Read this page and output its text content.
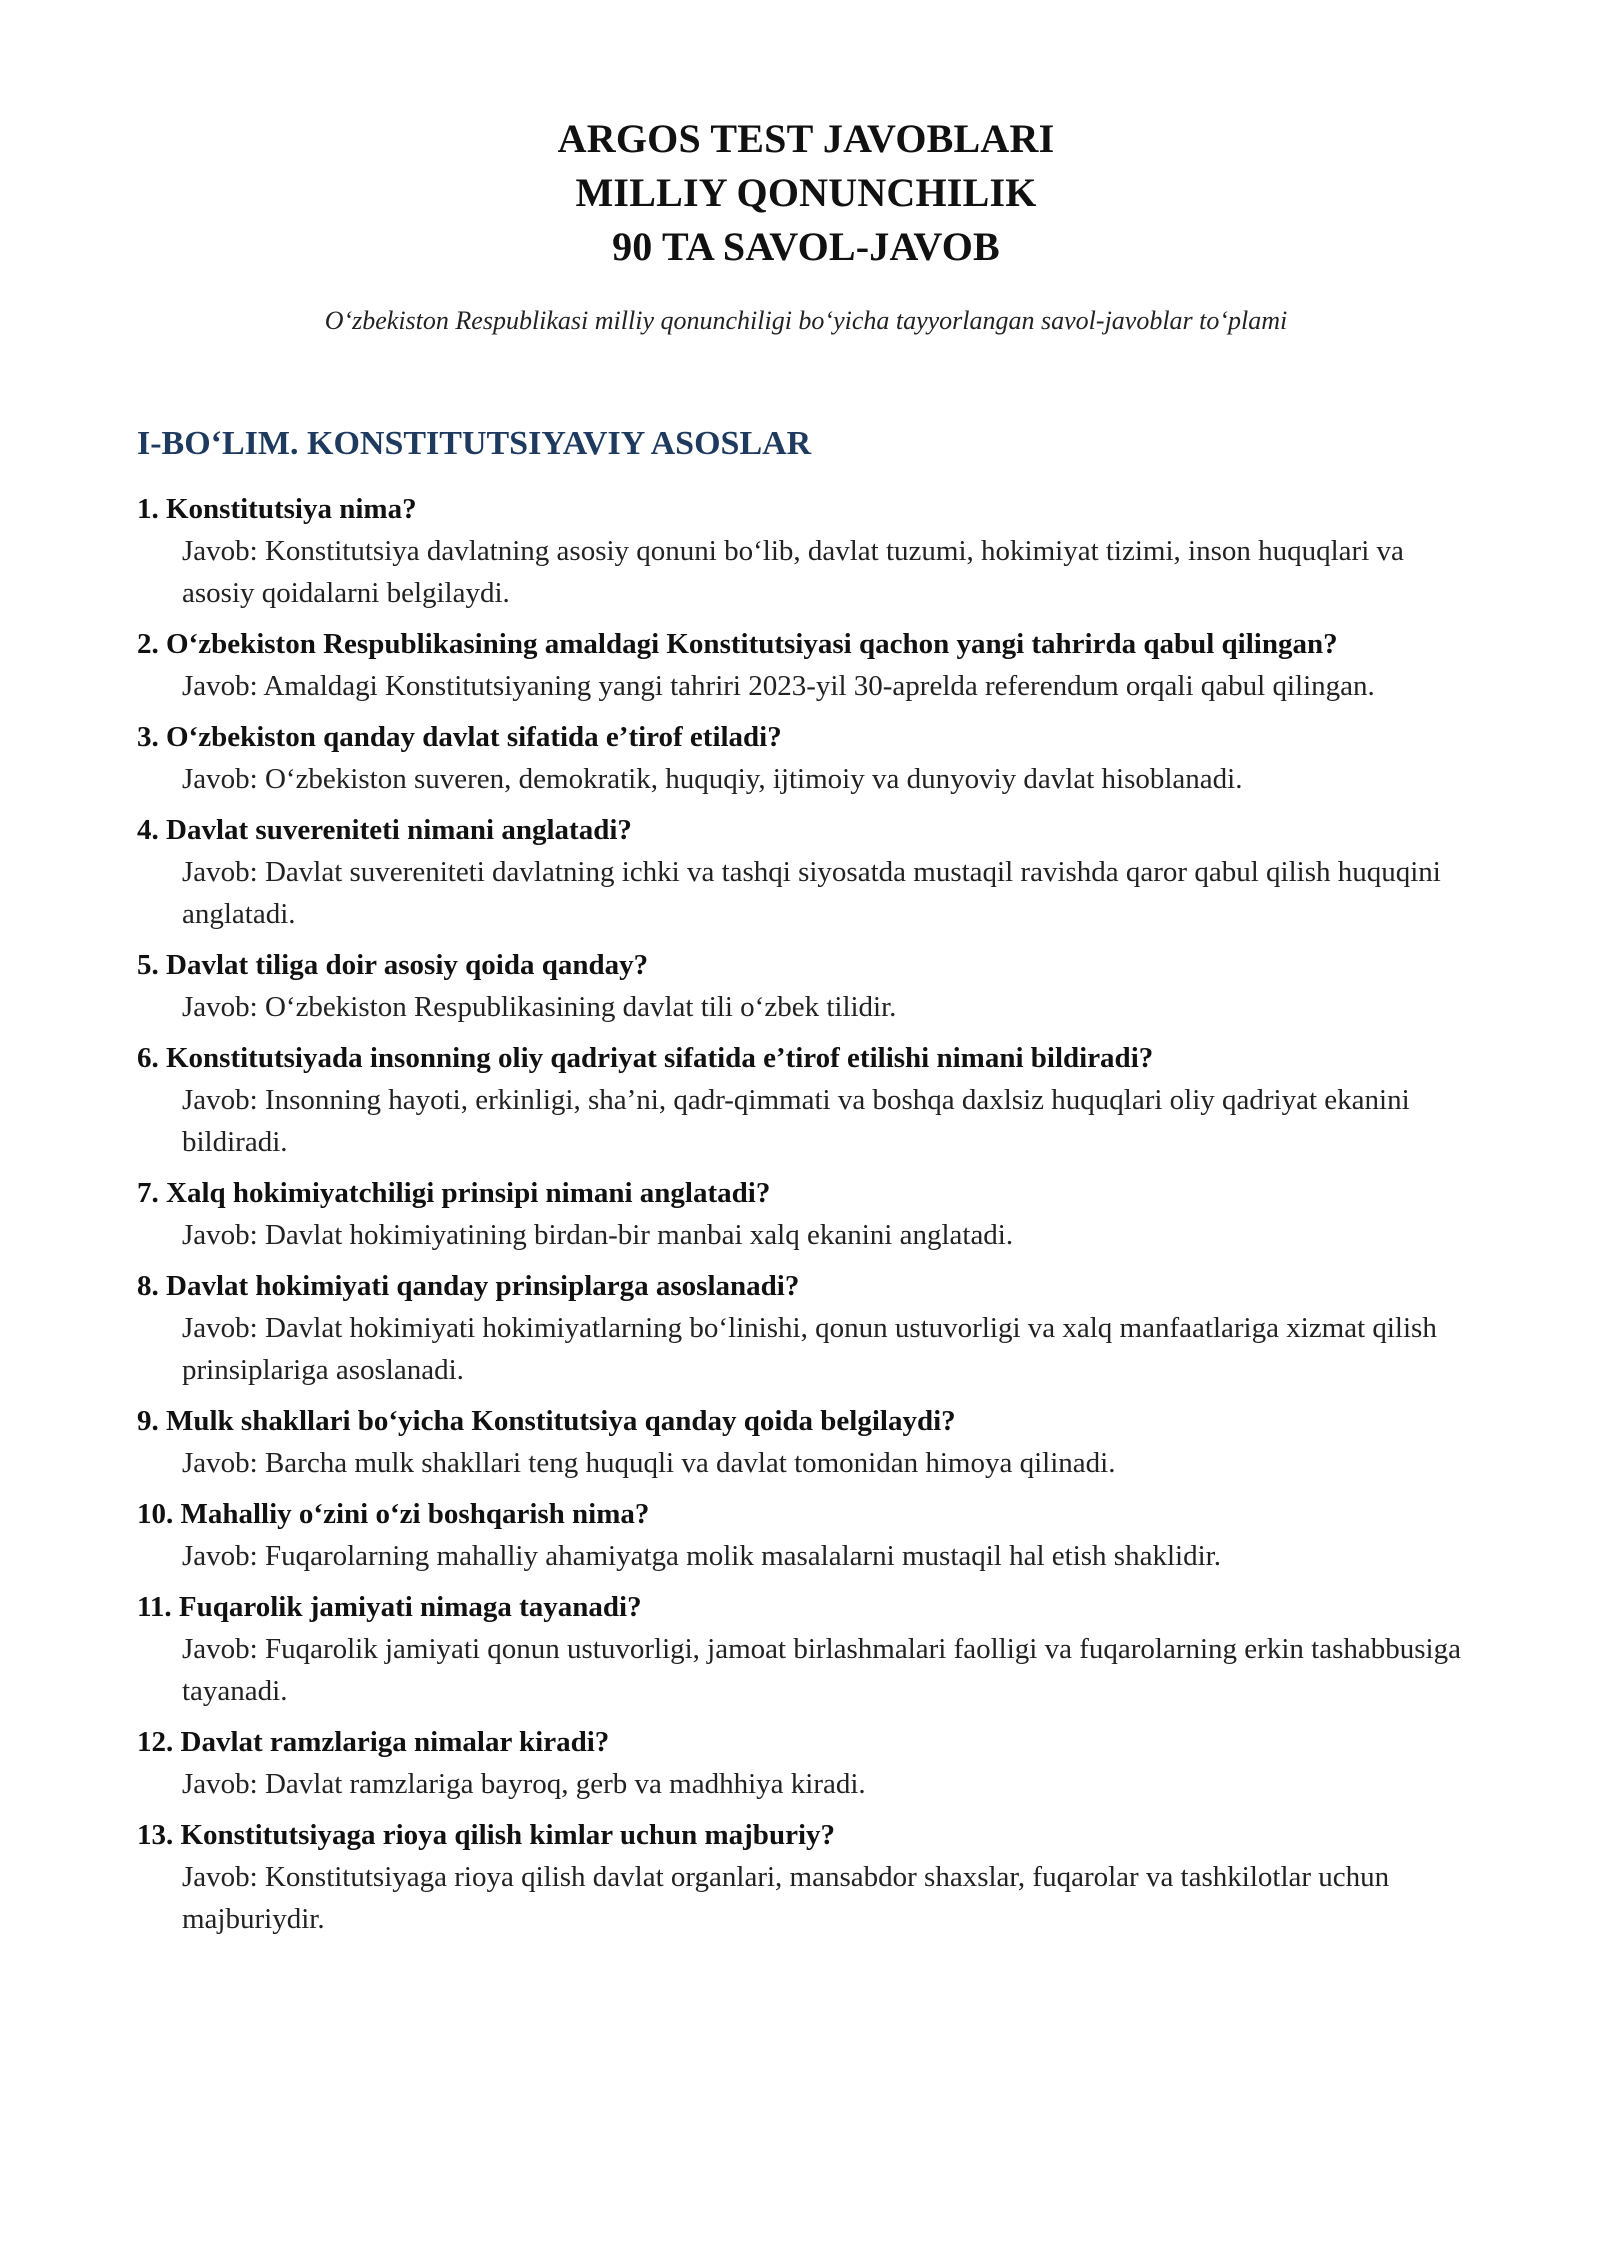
ARGOS TEST JAVOBLARI
MILLIY QONUNCHILIK
90 TA SAVOL-JAVOB
O‘zbekiston Respublikasi milliy qonunchiligi bo‘yicha tayyorlangan savol-javoblar to‘plami
I-BO‘LIM. KONSTITUTSIYAVIY ASOSLAR
1. Konstitutsiya nima?
Javob: Konstitutsiya davlatning asosiy qonuni bo‘lib, davlat tuzumi, hokimiyat tizimi, inson huquqlari va asosiy qoidalarni belgilaydi.
2. O‘zbekiston Respublikasining amaldagi Konstitutsiyasi qachon yangi tahrirda qabul qilingan?
Javob: Amaldagi Konstitutsiyaning yangi tahriri 2023-yil 30-aprelda referendum orqali qabul qilingan.
3. O‘zbekiston qanday davlat sifatida e’tirof etiladi?
Javob: O‘zbekiston suveren, demokratik, huquqiy, ijtimoiy va dunyoviy davlat hisoblanadi.
4. Davlat suvereniteti nimani anglatadi?
Javob: Davlat suvereniteti davlatning ichki va tashqi siyosatda mustaqil ravishda qaror qabul qilish huquqini anglatadi.
5. Davlat tiliga doir asosiy qoida qanday?
Javob: O‘zbekiston Respublikasining davlat tili o‘zbek tilidir.
6. Konstitutsiyada insonning oliy qadriyat sifatida e’tirof etilishi nimani bildiradi?
Javob: Insonning hayoti, erkinligi, sha’ni, qadr-qimmati va boshqa daxlsiz huquqlari oliy qadriyat ekanini bildiradi.
7. Xalq hokimiyatchiligi prinsipi nimani anglatadi?
Javob: Davlat hokimiyatining birdan-bir manbai xalq ekanini anglatadi.
8. Davlat hokimiyati qanday prinsiplarga asoslanadi?
Javob: Davlat hokimiyati hokimiyatlarning bo‘linishi, qonun ustuvorligi va xalq manfaatlariga xizmat qilish prinsiplariga asoslanadi.
9. Mulk shakllari bo‘yicha Konstitutsiya qanday qoida belgilaydi?
Javob: Barcha mulk shakllari teng huquqli va davlat tomonidan himoya qilinadi.
10. Mahalliy o‘zini o‘zi boshqarish nima?
Javob: Fuqarolarning mahalliy ahamiyatga molik masalalarni mustaqil hal etish shaklidir.
11. Fuqarolik jamiyati nimaga tayanadi?
Javob: Fuqarolik jamiyati qonun ustuvorligi, jamoat birlashmalari faolligi va fuqarolarning erkin tashabbusiga tayanadi.
12. Davlat ramzlariga nimalar kiradi?
Javob: Davlat ramzlariga bayroq, gerb va madhhiya kiradi.
13. Konstitutsiyaga rioya qilish kimlar uchun majburiy?
Javob: Konstitutsiyaga rioya qilish davlat organlari, mansabdor shaxslar, fuqarolar va tashkilotlar uchun majburiydir.
